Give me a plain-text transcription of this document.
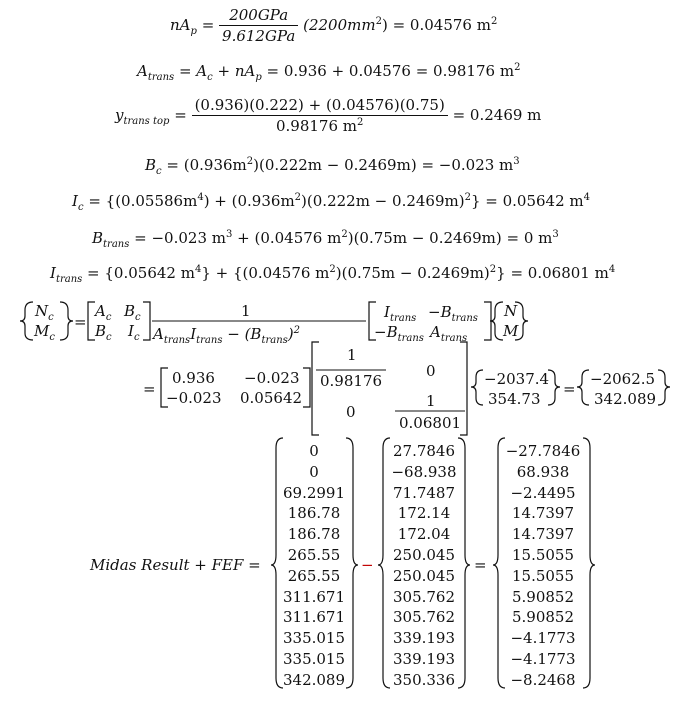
$nA_p = \frac{\text{200GPa}}{\text{9.612GPa}} (2200mm^2) = 0.04576$ $m^2$
$A_{trans} = A_c + nA_p = 0.936 + 0.04576 = 0.98176$ $m^2$
$y_{trans top} = \frac{(0.936)(0.222) + (0.04576)(0.75)}{0.98176 m^2} = 0.2469$ m
$B_c = (0.936m^2)(0.222m - 0.2469m) = -0.023$ $m^3$
$I_c = \{(0.05586m^4) + (0.936m^2)(0.222m - 0.2469m)^2\} = 0.05642$ $m^4$
$B_{trans} = -0.023$ $m^3 + (0.04576$ $m^2)(0.75m - 0.2469m) = 0$ $m^3$
$I_{trans} = \{0.05642$ $m^4\} + \{(0.04576$ $m^2)(0.75m - 0.2469m)^2\} = 0.06801$ $m^4$
$N_c$
$M_c$
=
$A_c$ $B_c$
$B_c$ $I_c$
1
$A_{trans}I_{trans} - (B_{trans})^2$
$I_{trans} -B_{trans}$
$-B_{trans}$ $A_{trans}$
N
M
=
0.936 −0.023
−0.023 0.05642
1
0.98176
0
0
1
0.06801
−2037.4
354.73
=
−2062.5
342.089
Midas Result + FEF =	−	=
0
0
69.2991
186.78
186.78
265.55
265.55
311.671
311.671
335.015
335.015
342.089
27.7846
−68.938
71.7487
172.14
172.04
250.045
250.045
305.762
305.762
339.193
339.193
350.336
−27.7846
68.938
−2.4495
14.7397
14.7397
15.5055
15.5055
5.90852
5.90852
−4.1773
−4.1773
−8.2468
